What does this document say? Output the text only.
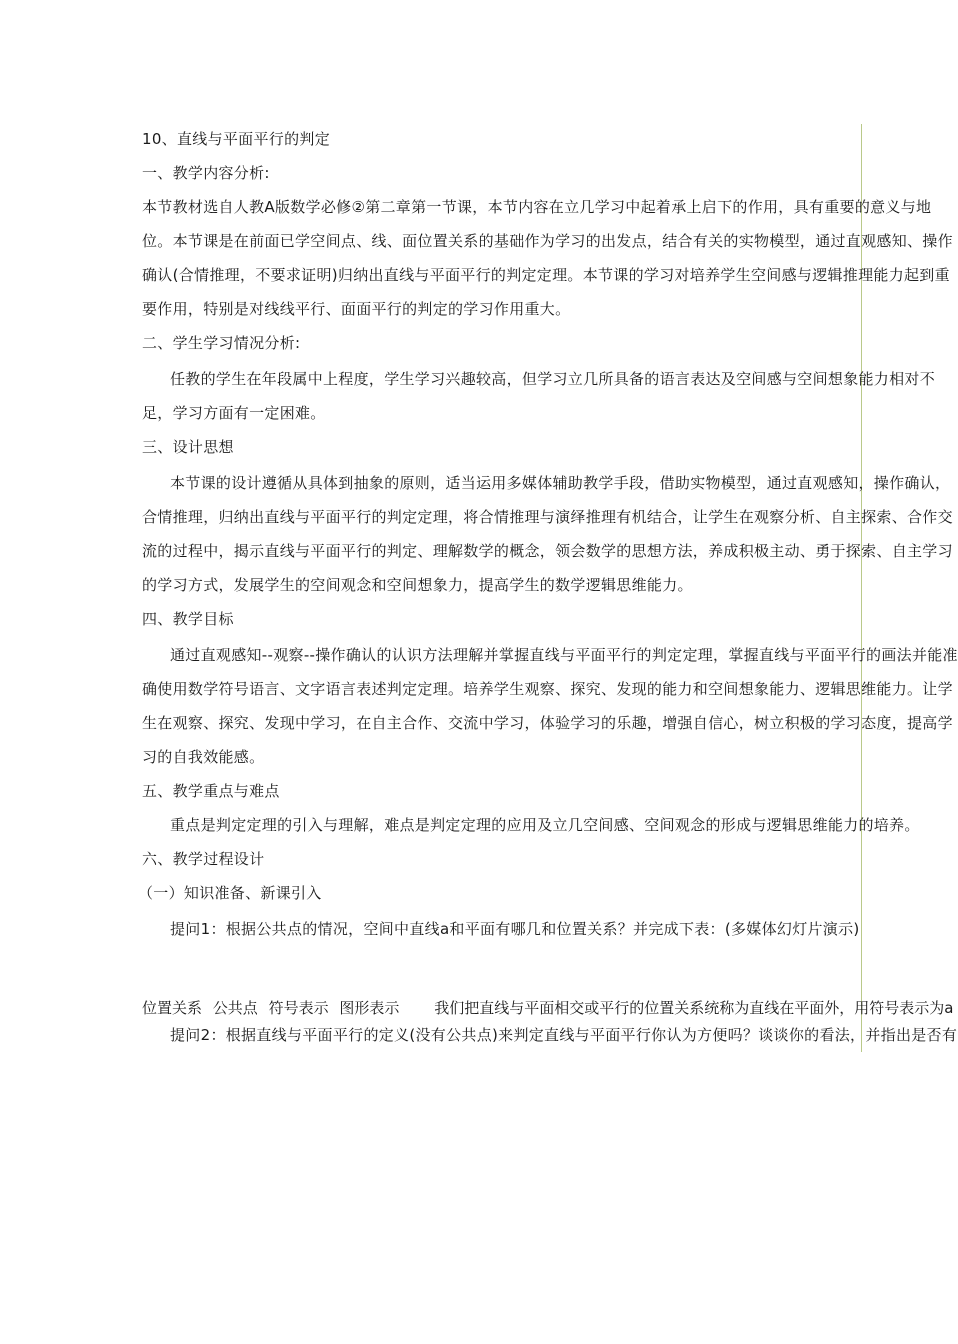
10、直线与平面平行的判定
一、教学内容分析:
本节教材选自人教A版数学必修②第二章第一节课，本节内容在立几学习中起着承上启下的作用，具有重要的意义与地
位。本节课是在前面已学空间点、线、面位置关系的基础作为学习的出发点，结合有关的实物模型，通过直观感知、操作
确认(合情推理，不要求证明)归纳出直线与平面平行的判定定理。本节课的学习对培养学生空间感与逻辑推理能力起到重
要作用，特别是对线线平行、面面平行的判定的学习作用重大。
二、学生学习情况分析:
任教的学生在年段属中上程度，学生学习兴趣较高，但学习立几所具备的语言表达及空间感与空间想象能力相对不
足，学习方面有一定困难。
三、设计思想
本节课的设计遵循从具体到抽象的原则，适当运用多媒体辅助教学手段，借助实物模型，通过直观感知，操作确认，
合情推理，归纳出直线与平面平行的判定定理，将合情推理与演绎推理有机结合，让学生在观察分析、自主探索、合作交
流的过程中，揭示直线与平面平行的判定、理解数学的概念，领会数学的思想方法，养成积极主动、勇于探索、自主学习
的学习方式，发展学生的空间观念和空间想象力，提高学生的数学逻辑思维能力。
四、教学目标
通过直观感知--观察--操作确认的认识方法理解并掌握直线与平面平行的判定定理，掌握直线与平面平行的画法并能准
确使用数学符号语言、文字语言表述判定定理。培养学生观察、探究、发现的能力和空间想象能力、逻辑思维能力。让学
生在观察、探究、发现中学习，在自主合作、交流中学习，体验学习的乐趣，增强自信心，树立积极的学习态度，提高学
习的自我效能感。
五、教学重点与难点
重点是判定定理的引入与理解，难点是判定定理的应用及立几空间感、空间观念的形成与逻辑思维能力的培养。
六、教学过程设计
（一）知识准备、新课引入
提问1：根据公共点的情况，空间中直线a和平面有哪几和位置关系？并完成下表：(多媒体幻灯片演示)
位置关系 公共点 符号表示 图形表示 我们把直线与平面相交或平行的位置关系统称为直线在平面外，用符号表示为a
提问2：根据直线与平面平行的定义(没有公共点)来判定直线与平面平行你认为方便吗？谈谈你的看法，并指出是否有
